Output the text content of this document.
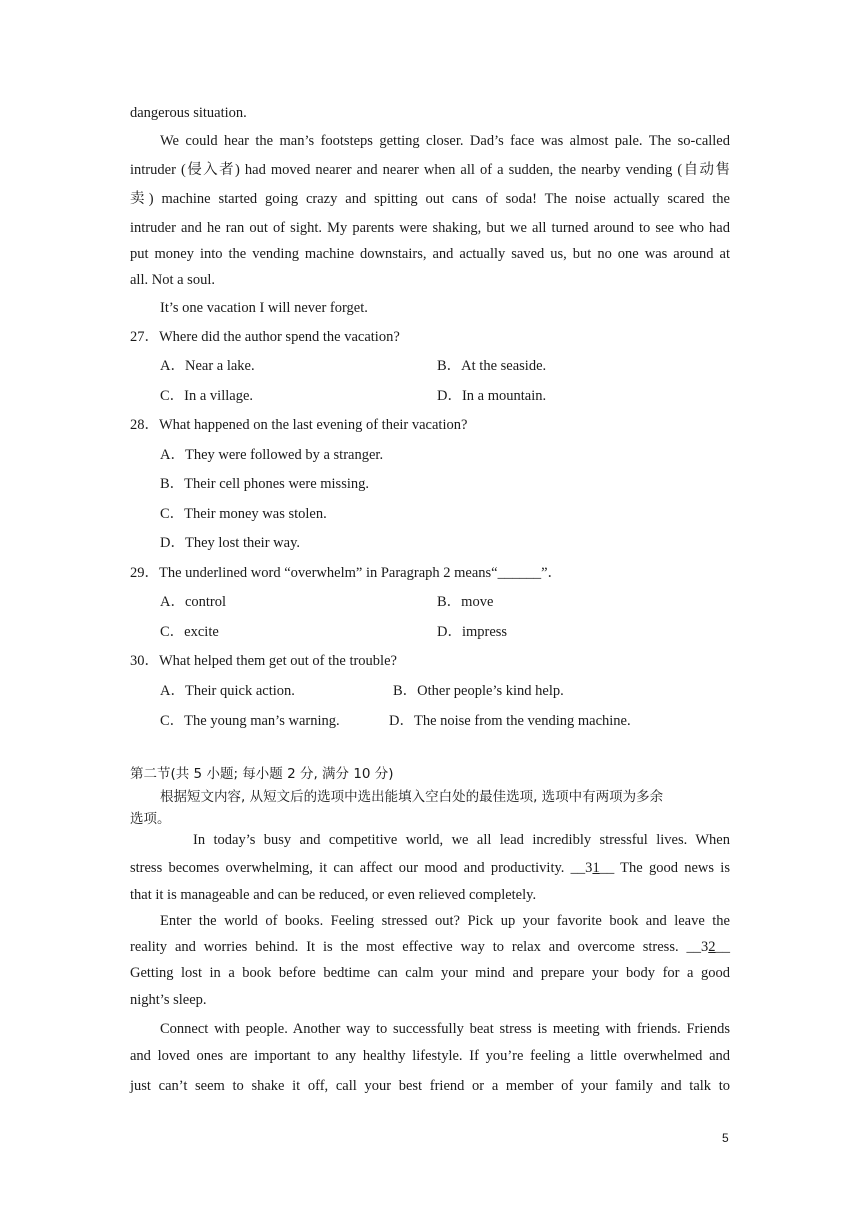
dangerous situation.
We could hear the man’s footsteps getting closer. Dad’s face was almost pale. The so-called
intruder (侵入者) had moved nearer and nearer when all of a sudden, the nearby vending (自动售
卖) machine started going crazy and spitting out cans of soda! The noise actually scared the
intruder and he ran out of sight. My parents were shaking, but we all turned around to see who had
put money into the vending machine downstairs, and actually saved us, but no one was around at
all. Not a soul.
It’s one vacation I will never forget.
27．Where did the author spend the vacation?
A．Near a lake.	B．At the seaside.
C．In a village.	D．In a mountain.
28．What happened on the last evening of their vacation?
A．They were followed by a stranger.
B．Their cell phones were missing.
C．Their money was stolen.
D．They lost their way.
29．The underlined word “overwhelm” in Paragraph 2 means“______”．
A．control	B．move
C．excite	D．impress
30．What helped them get out of the trouble?
A．Their quick action.	B．Other people’s kind help.
C．The young man’s warning.	D．The noise from the vending machine.
第二节(共 5 小题; 每小题 2 分, 满分 10 分)
根据短文内容, 从短文后的选项中选出能填入空白处的最佳选项, 选项中有两项为多余
选项。
In today’s busy and competitive world, we all lead incredibly stressful lives. When
stress becomes overwhelming, it can affect our mood and productivity. __31__ The good news is
that it is manageable and can be reduced, or even relieved completely.
Enter the world of books. Feeling stressed out? Pick up your favorite book and leave the
reality and worries behind. It is the most effective way to relax and overcome stress. __32__
Getting lost in a book before bedtime can calm your mind and prepare your body for a good
night’s sleep.
Connect with people. Another way to successfully beat stress is meeting with friends. Friends
and loved ones are important to any healthy lifestyle. If you’re feeling a little overwhelmed and
just can’t seem to shake it off, call your best friend or a member of your family and talk to
5
